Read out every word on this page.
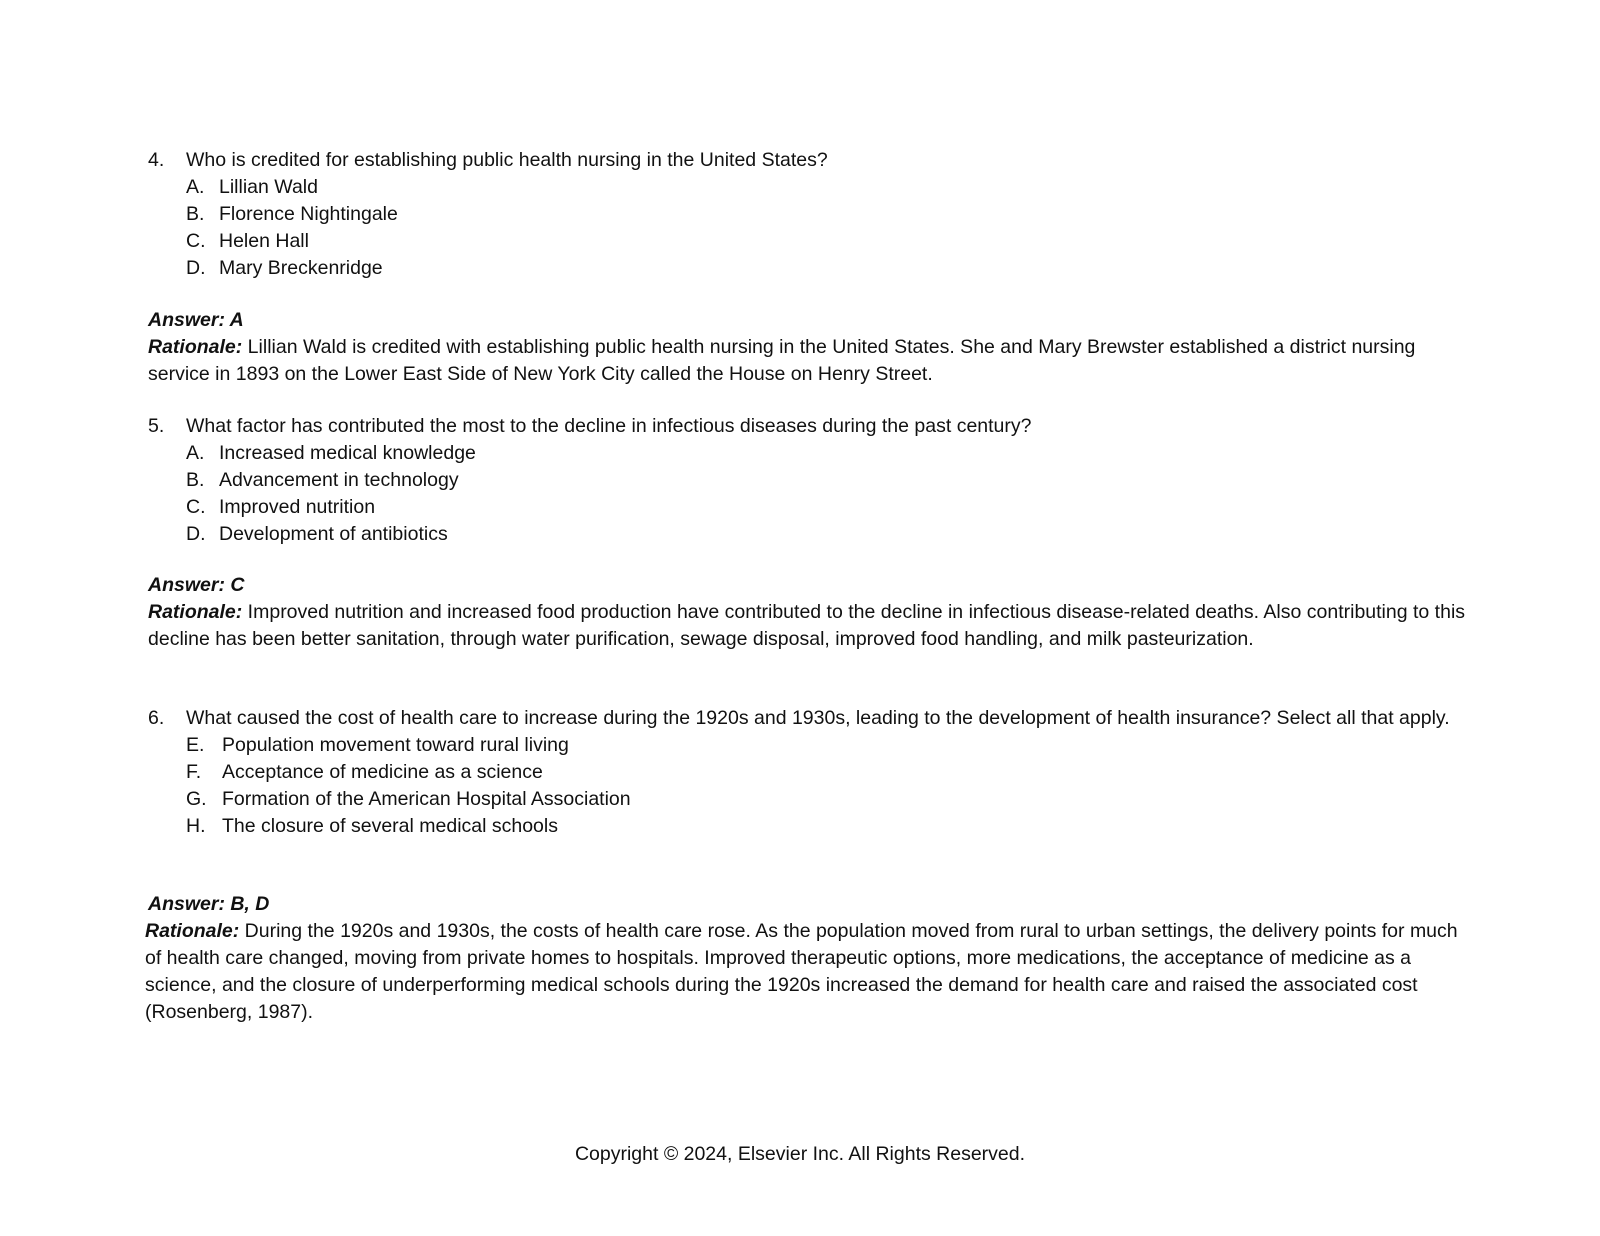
4.	Who is credited for establishing public health nursing in the United States?
A. Lillian Wald
B. Florence Nightingale
C. Helen Hall
D. Mary Breckenridge
Answer: A
Rationale: Lillian Wald is credited with establishing public health nursing in the United States. She and Mary Brewster established a district nursing service in 1893 on the Lower East Side of New York City called the House on Henry Street.
5.	What factor has contributed the most to the decline in infectious diseases during the past century?
A. Increased medical knowledge
B. Advancement in technology
C. Improved nutrition
D. Development of antibiotics
Answer: C
Rationale: Improved nutrition and increased food production have contributed to the decline in infectious disease-related deaths. Also contributing to this decline has been better sanitation, through water purification, sewage disposal, improved food handling, and milk pasteurization.
6.	What caused the cost of health care to increase during the 1920s and 1930s, leading to the development of health insurance? Select all that apply.
E. Population movement toward rural living
F.	Acceptance of medicine as a science
G. Formation of the American Hospital Association
H. The closure of several medical schools
Answer: B, D
Rationale: During the 1920s and 1930s, the costs of health care rose. As the population moved from rural to urban settings, the delivery points for much of health care changed, moving from private homes to hospitals. Improved therapeutic options, more medications, the acceptance of medicine as a science, and the closure of underperforming medical schools during the 1920s increased the demand for health care and raised the associated cost (Rosenberg, 1987).
Copyright © 2024, Elsevier Inc. All Rights Reserved.
